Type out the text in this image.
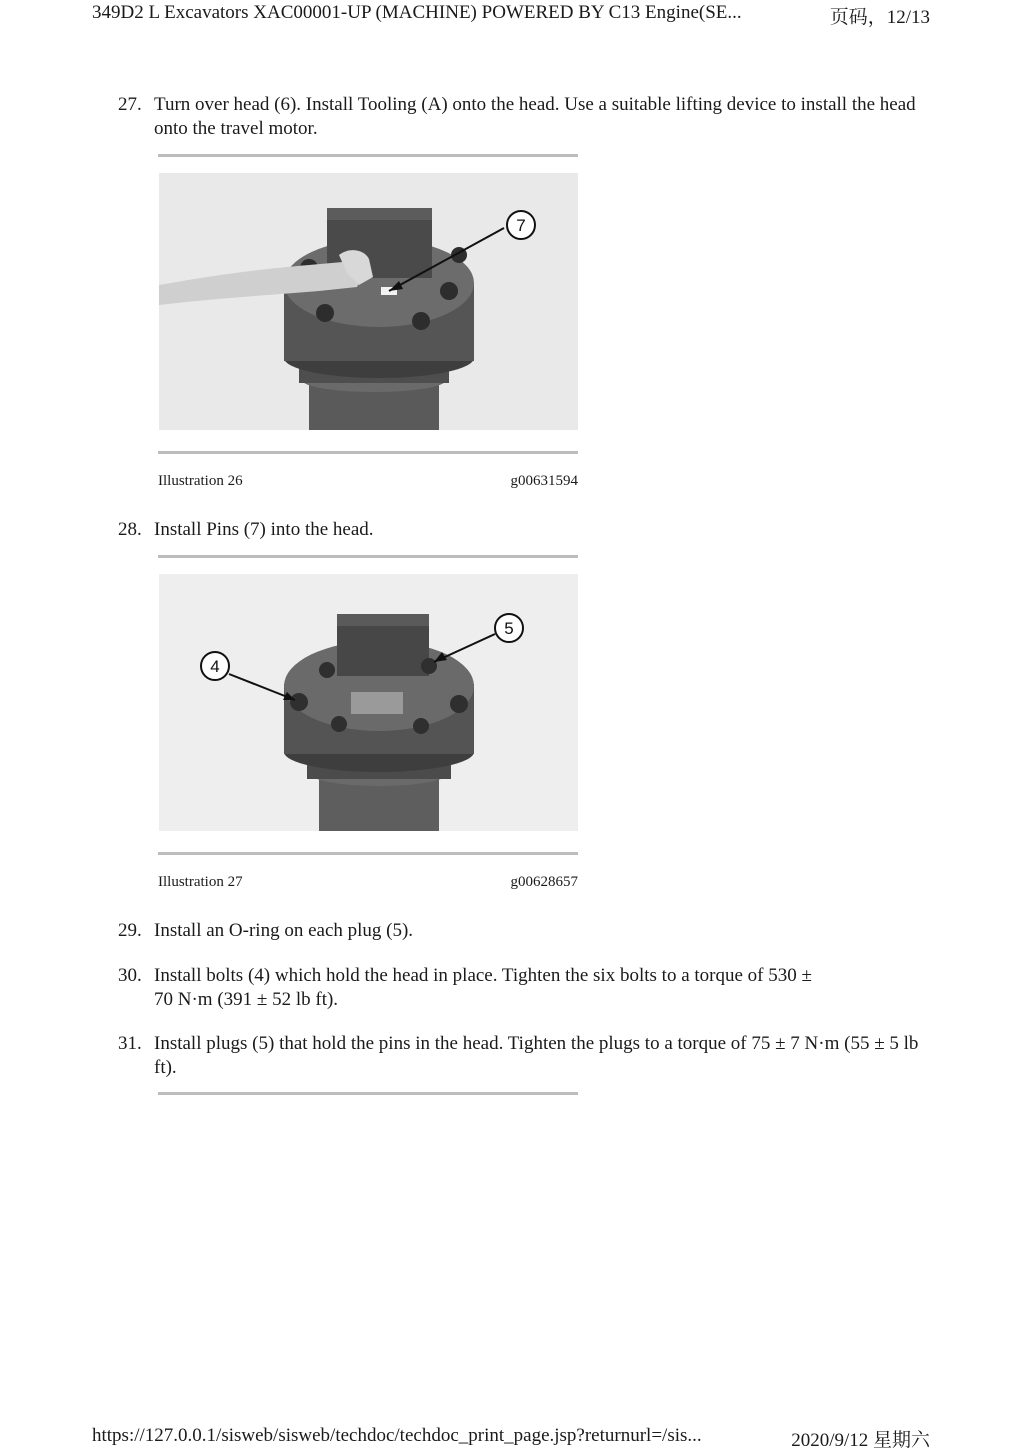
349D2 L Excavators XAC00001-UP (MACHINE) POWERED BY C13 Engine(SE...	页码，12/13
27. Turn over head (6). Install Tooling (A) onto the head. Use a suitable lifting device to install the head onto the travel motor.
7
Illustration 26	g00631594
28. Install Pins (7) into the head.
4
5
Illustration 27	g00628657
29. Install an O-ring on each plug (5).
30. Install bolts (4) which hold the head in place. Tighten the six bolts to a torque of 530 ± 70 N·m (391 ± 52 lb ft).
31. Install plugs (5) that hold the pins in the head. Tighten the plugs to a torque of 75 ± 7 N·m (55 ± 5 lb ft).
https://127.0.0.1/sisweb/sisweb/techdoc/techdoc_print_page.jsp?returnurl=/sis...	2020/9/12 星期六
